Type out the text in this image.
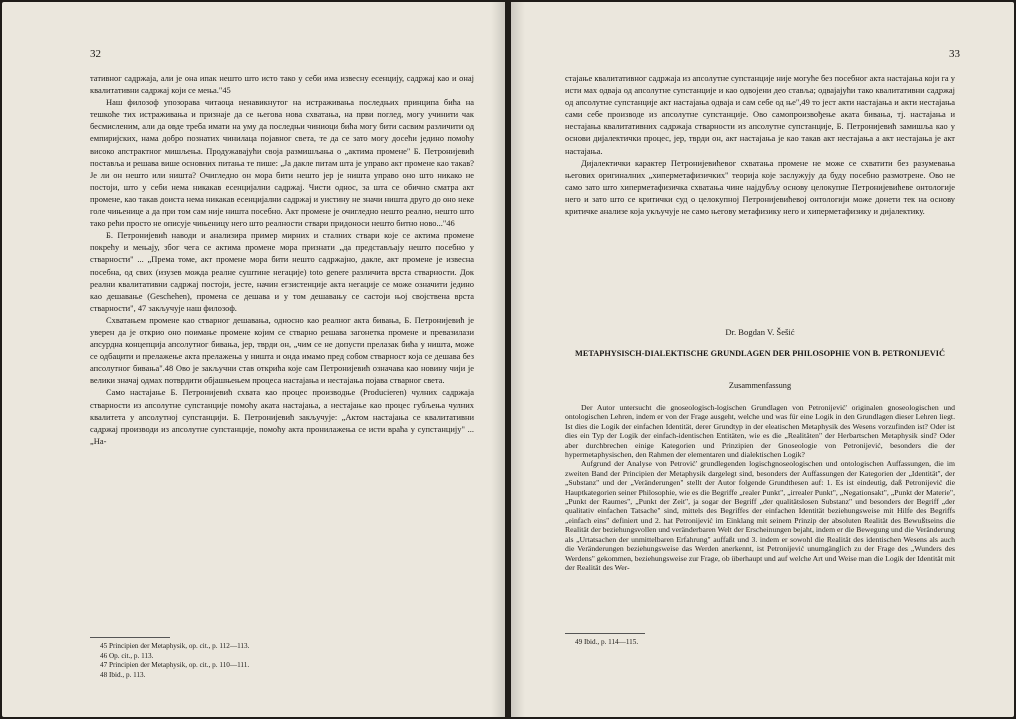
32

тативног садржаја, али је она ипак нешто што исто тако у себи има извесну есенцију, садржај као и онај квалитативни садржај који се мења."45

Наш филозоф упозорава читаоца ненавикнутог на истраживања последњих принципа бића на тешкоће тих истраживања и признаје да се његова нова схватања, на први поглед, могу учинити чак бесмисленим, али да овде треба имати на уму да последњи чиниоци бића могу бити сасвим различити од емпиријских, нама добро познатих чинилаца појавног света, те да се зато могу досећи једино помоћу високо апстрактног мишљења. Продужавајући своја размишљања о „актима промене" Б. Петронијевић поставља и решава више основних питања те пише: „Ја дакле питам шта је управо акт промене као такав? Је ли он нешто или ништа? Очигледно он мора бити нешто јер је ништа управо оно што никако не постоји, што у себи нема никакав есенцијални садржај. Чисти однос, за шта се обично сматра акт промене, као такав доиста нема никакав есенцијални садржај и уистину не значи ништа друго до оно неке голе чињенице а да при том сам није ништа посебно. Акт промене је очигледно нешто реално, нешто што тако рећи просто не описује чињеницу него што реалности ствари придоноси нешто битно ново..."46

Б. Петронијевић наводи и анализира пример мирних и сталних ствари које се актима промене покрећу и мењају, због чега се актима промене мора признати „да представљају нешто посебно у стварности" ... „Према томе, акт промене мора бити нешто садржајно, дакле, акт промене је извесна посебна, од свих (изузев можда реалне суштине негације) toto genere различита врста стварности. Док реални квалитативни садржај постоји, јесте, начин егзистенције акта негације се може означити једино као дешавање (Geschehen), промена се дешава и у том дешавању се састоји њој својствена врста стварности", 47 закључује наш филозоф.

Схватањем промене као стварног дешавања, односно као реалног акта бивања, Б. Петронијевић је уверен да је открио оно поимање промене којим се стварно решава загонетка промене и превазилази апсурдна концепција апсолутног бивања, јер, тврди он, „чим се не допусти прелазак бића у ништа, може се одбацити и прелажење акта прелажења у ништа и онда имамо пред собом стварност која се дешава без апсолутног бивања".48 Ово је закључни став открића које сам Петронијевић означава као новину чији је велики значај одмах потврдити објашњењем процеса настајања и нестајања појава стварног света.

Само настајање Б. Петронијевић схвата као процес производње (Producieren) чулних садржаја стварности из апсолутне супстанције помоћу аката настајања, а нестајање као процес губљења чулних квалитета у апсолутној супстанцији. Б. Петронијевић закључује: „Актом настајања се квалитативни садржај производи из апсолутне супстанције, помоћу акта пронилажења се исти враћа у супстанцију" ... „На-

45 Principien der Metaphysik, op. cit., p. 112—113.
46 Op. cit., p. 113.
47 Principien der Metaphysik, op. cit., p. 110—111.
48 Ibid., p. 113.
33

стајање квалитативног садржаја из апсолутне супстанције није могуће без посебног акта настајања који га у исти мах одваја од апсолутне супстанције и као одвојени део ставља; одвајајући тако квалитативни садржај од апсолутне супстанције акт настајања одваја и сам себе од ње",49 то јест акти настајања и акти нестајања сами себе производе из апсолутне супстанције. Ово самопроизвођење аката бивања, тј. настајања и нестајања квалитативних садржаја стварности из апсолутне супстанције, Б. Петронијевић замишља као у основи дијалектички процес, јер, тврди он, акт настајања је као такав акт нестајања а акт нестајања је акт настајања.

Дијалектички карактер Петронијевићевог схватања промене не може се схватити без разумевања његових оригиналних „хиперметафизичких" теорија које заслужују да буду посебно размотрене. Ово не само зато што хиперметафизичка схватања чине најдубљу основу целокупне Петронијевићеве онтологије него и зато што се критички суд о целокупној Петронијевићевој онтологији може донети тек на основу критичке анализе која укључује не само његову метафизику него и хиперметафизику и дијалектику.

Dr. Bogdan V. Šešić
METAPHYSISCH-DIALEKTISCHE GRUNDLAGEN DER PHILOSOPHIE VON B. PETRONIJEVIĆ
Zusammenfassung

Der Autor untersucht die gnoseologisch-logischen Grundlagen von Petronijević' originalen gnoseologischen und ontologischen Lehren, indem er von der Frage ausgeht, welche und was für eine Logik in den Grundlagen dieser Lehren liegt. Ist dies die Logik der einfachen Identität, derer Grundtyp in der eleatischen Metaphysik des Wesens vorzufinden ist? Oder ist dies ein Typ der Logik der einfach-identischen Entitäten, wie es die „Realitäten" der Herbartschen Metaphysik sind? Oder aber durchbrechen einige Kategorien und Prinzipien der Gnoseologie von Petronijević, besonders die der hypermetaphysischen, den Rahmen der elementaren und dialektischen Logik?

Aufgrund der Analyse von Petrović' grundlegenden logischgnoseologischen und ontologischen Auffassungen, die im zweiten Band der Principien der Metaphysik dargelegt sind, besonders der Auffassungen der Kategorien der „Identität", der „Substanz" und der „Veränderungen" stellt der Autor folgende Grundthesen auf: 1. Es ist eindeutig, daß Petronijević die Hauptkategorien seiner Philosophie, wie es die Begriffe „realer Punkt", „irrealer Punkt", „Negationsakt", „Punkt der Materie", „Punkt der Raumes", „Punkt der Zeit", ja sogar der Begriff „der qualitätslosen Substanz" und besonders der Begriff „der qualitativ einfachen Tatsache" sind, mittels des Begriffes der einfachen Identität beziehungsweise mit Hilfe des Begriffs „einfach eins" definiert und 2. hat Petronijević im Einklang mit seinem Prinzip der absoluten Realität des Bewußtseins die Realität der beziehungsvollen und veränderbaren Welt der Erscheinungen bejaht, indem er die Bewegung und die Veränderung als „Urtatsachen der unmittelbaren Erfahrung" auffaßt und 3. indem er sowohl die Realität des identischen Wesens als auch die Veränderungen beziehungsweise das Werden anerkennt, ist Petronijević unumgänglich zu der Frage des „Wunders des Werdens" gekommen, beziehungsweise zur Frage, ob überhaupt und auf welche Art und Weise man die Logik der Identität mit der Realität des Wer-

49 Ibid., p. 114—115.
